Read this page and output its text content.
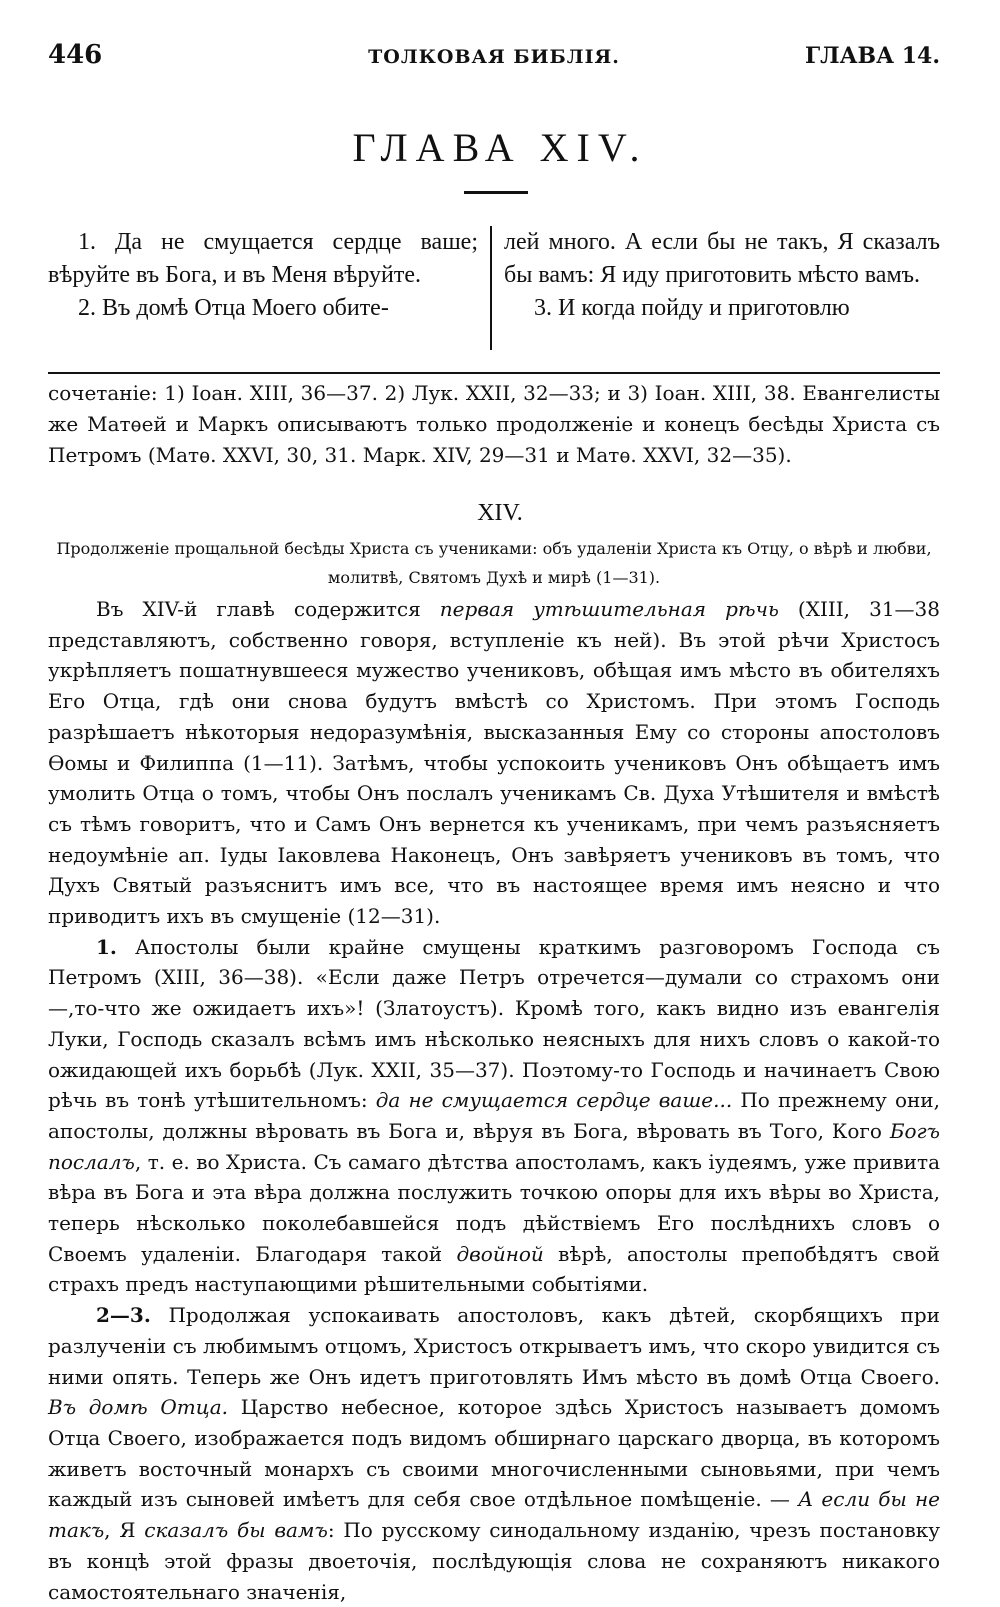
446	ТОЛКОВАЯ БИБЛІЯ.	ГЛАВА 14.
ГЛАВА XIV.

1. Да не смущается сердце ваше; вѣруйте въ Бога, и въ Меня вѣруйте.

2. Въ домѣ Отца Моего обите-

лей много. А если бы не такъ, Я сказалъ бы вамъ: Я иду приготовить мѣсто вамъ.

3. И когда пойду и приготовлю

сочетаніе: 1) Іоан. XIII, 36—37. 2) Лук. XXII, 32—33; и 3) Іоан. XIII, 38. Евангелисты же Матѳей и Маркъ описываютъ только продолженіе и конецъ бесѣды Христа съ Петромъ (Матѳ. XXVI, 30, 31. Марк. XIV, 29—31 и Матѳ. XXVI, 32—35).

XIV.

Продолженіе прощальной бесѣды Христа съ учениками: объ удаленіи Христа къ Отцу, о вѣрѣ и любви, молитвѣ, Святомъ Духѣ и мирѣ (1—31).

Въ XIV-й главѣ содержится первая утѣшительная рѣчь (XIII, 31—38 представляютъ, собственно говоря, вступленіе къ ней). Въ этой рѣчи Христосъ укрѣпляетъ пошатнувшееся мужество учениковъ, обѣщая имъ мѣсто въ обителяхъ Его Отца, гдѣ они снова будутъ вмѣстѣ со Христомъ. При этомъ Господь разрѣшаетъ нѣкоторыя недоразумѣнія, высказанныя Ему со стороны апостоловъ Ѳомы и Филиппа (1—11). Затѣмъ, чтобы успокоить учениковъ Онъ обѣщаетъ имъ умолить Отца о томъ, чтобы Онъ послалъ ученикамъ Св. Духа Утѣшителя и вмѣстѣ съ тѣмъ говоритъ, что и Самъ Онъ вернется къ ученикамъ, при чемъ разъясняетъ недоумѣніе ап. Іуды Іаковлева Наконецъ, Онъ завѣряетъ учениковъ въ томъ, что Духъ Святый разъяснитъ имъ все, что въ настоящее время имъ неясно и что приводитъ ихъ въ смущеніе (12—31).

1. Апостолы были крайне смущены краткимъ разговоромъ Господа съ Петромъ (XIII, 36—38). «Если даже Петръ отречется—думали со страхомъ они—,то-что же ожидаетъ ихъ»! (Златоустъ). Кромѣ того, какъ видно изъ евангелія Луки, Господь сказалъ всѣмъ имъ нѣсколько неясныхъ для нихъ словъ о какой-то ожидающей ихъ борьбѣ (Лук. XXII, 35—37). Поэтому-то Господь и начинаетъ Свою рѣчь въ тонѣ утѣшительномъ: да не смущается сердце ваше... По прежнему они, апостолы, должны вѣровать въ Бога и, вѣруя въ Бога, вѣровать въ Того, Кого Богъ послалъ, т. е. во Христа. Съ самаго дѣтства апостоламъ, какъ іудеямъ, уже привита вѣра въ Бога и эта вѣра должна послужить точкою опоры для ихъ вѣры во Христа, теперь нѣсколько поколебавшейся подъ дѣйствіемъ Его послѣднихъ словъ о Своемъ удаленіи. Благодаря такой двойной вѣрѣ, апостолы препобѣдятъ свой страхъ предъ наступающими рѣшительными событіями.

2—3. Продолжая успокаивать апостоловъ, какъ дѣтей, скорбящихъ при разлученіи съ любимымъ отцомъ, Христосъ открываетъ имъ, что скоро увидится съ ними опять. Теперь же Онъ идетъ приготовлять Имъ мѣсто въ домѣ Отца Своего. Въ домѣ Отца. Царство небесное, которое здѣсь Христосъ называетъ домомъ Отца Своего, изображается подъ видомъ обширнаго царскаго дворца, въ которомъ живетъ восточный монархъ съ своими многочисленными сыновьями, при чемъ каждый изъ сыновей имѣетъ для себя свое отдѣльное помѣщеніе. — А если бы не такъ, Я сказалъ бы вамъ: По русскому синодальному изданію, чрезъ постановку въ концѣ этой фразы двоеточія, послѣдующія слова не сохраняютъ никакого самостоятельнаго значенія,
